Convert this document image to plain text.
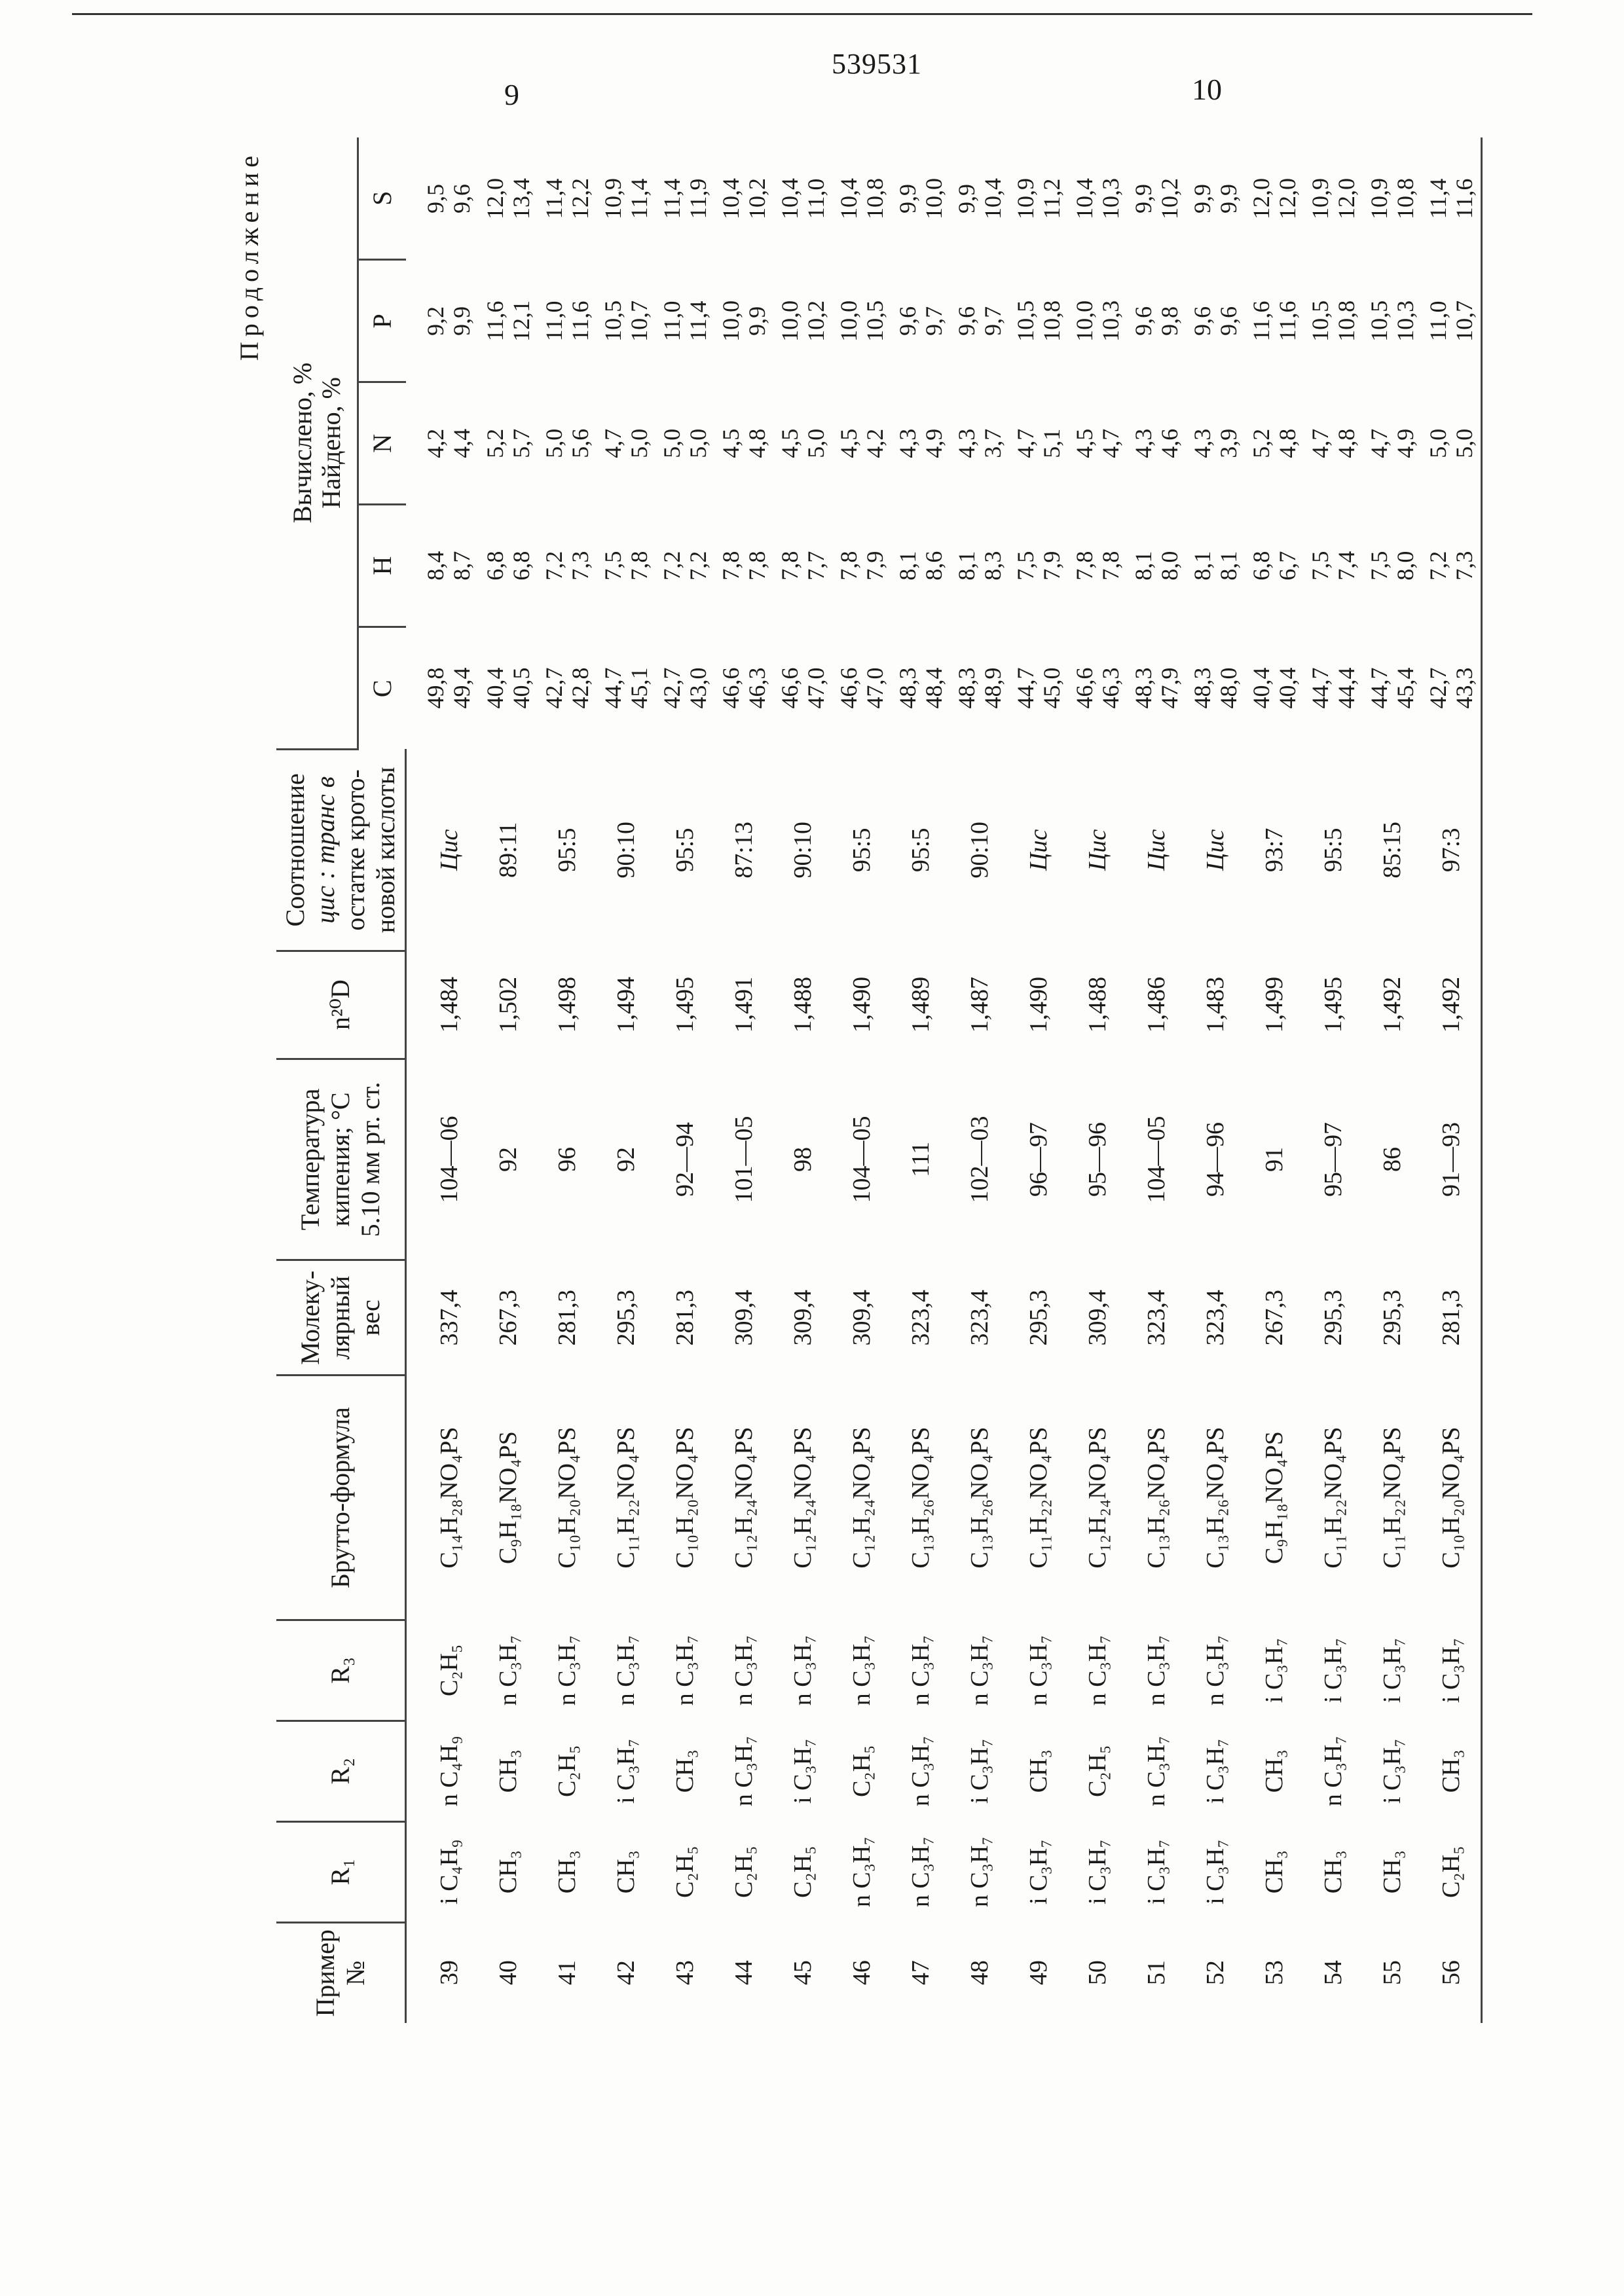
539531
9	10
Продолжение													
Пример №	R₁	R₂	R₃	Брутто-формула	Молеку-лярный вес	Температура кипения; °C 5.10 мм рт. ст.	n²⁰D	Соотношение цис : транс в остатке крото- новой кислоты	Вычислено, % Найдено, %				

									C	H	N	P	S
39	i C₄H₉	n C₄H₉	C₂H₅	C₁₄H₂₈NO₄PS	337,4	104—06	1,484	Цис	49,8 49,4	8,4 8,7	4,2 4,4	9,2 9,9	9,5 9,6

40	CH₃	CH₃	n C₃H₇	C₉H₁₈NO₄PS	267,3	92	1,502	89:11	40,4 40,5	6,8 6,8	5,2 5,7	11,6 12,1	12,0 13,4

41	CH₃	C₂H₅	n C₃H₇	C₁₀H₂₀NO₄PS	281,3	96	1,498	95:5	42,7 42,8	7,2 7,3	5,0 5,6	11,0 11,6	11,4 12,2

42	CH₃	i C₃H₇	n C₃H₇	C₁₁H₂₂NO₄PS	295,3	92	1,494	90:10	44,7 45,1	7,5 7,8	4,7 5,0	10,5 10,7	10,9 11,4

43	C₂H₅	CH₃	n C₃H₇	C₁₀H₂₀NO₄PS	281,3	92—94	1,495	95:5	42,7 43,0	7,2 7,2	5,0 5,0	11,0 11,4	11,4 11,9

44	C₂H₅	n C₃H₇	n C₃H₇	C₁₂H₂₄NO₄PS	309,4	101—05	1,491	87:13	46,6 46,3	7,8 7,8	4,5 4,8	10,0 9,9	10,4 10,2

45	C₂H₅	i C₃H₇	n C₃H₇	C₁₂H₂₄NO₄PS	309,4	98	1,488	90:10	46,6 47,0	7,8 7,7	4,5 5,0	10,0 10,2	10,4 11,0

46	n C₃H₇	C₂H₅	n C₃H₇	C₁₂H₂₄NO₄PS	309,4	104—05	1,490	95:5	46,6 47,0	7,8 7,9	4,5 4,2	10,0 10,5	10,4 10,8

47	n C₃H₇	n C₃H₇	n C₃H₇	C₁₃H₂₆NO₄PS	323,4	111	1,489	95:5	48,3 48,4	8,1 8,6	4,3 4,9	9,6 9,7	9,9 10,0

48	n C₃H₇	i C₃H₇	n C₃H₇	C₁₃H₂₆NO₄PS	323,4	102—03	1,487	90:10	48,3 48,9	8,1 8,3	4,3 3,7	9,6 9,7	9,9 10,4

49	i C₃H₇	CH₃	n C₃H₇	C₁₁H₂₂NO₄PS	295,3	96—97	1,490	Цис	44,7 45,0	7,5 7,9	4,7 5,1	10,5 10,8	10,9 11,2

50	i C₃H₇	C₂H₅	n C₃H₇	C₁₂H₂₄NO₄PS	309,4	95—96	1,488	Цис	46,6 46,3	7,8 7,8	4,5 4,7	10,0 10,3	10,4 10,3

51	i C₃H₇	n C₃H₇	n C₃H₇	C₁₃H₂₆NO₄PS	323,4	104—05	1,486	Цис	48,3 47,9	8,1 8,0	4,3 4,6	9,6 9,8	9,9 10,2

52	i C₃H₇	i C₃H₇	n C₃H₇	C₁₃H₂₆NO₄PS	323,4	94—96	1,483	Цис	48,3 48,0	8,1 8,1	4,3 3,9	9,6 9,6	9,9 9,9

53	CH₃	CH₃	i C₃H₇	C₉H₁₈NO₄PS	267,3	91	1,499	93:7	40,4 40,4	6,8 6,7	5,2 4,8	11,6 11,6	12,0 12,0

54	CH₃	n C₃H₇	i C₃H₇	C₁₁H₂₂NO₄PS	295,3	95—97	1,495	95:5	44,7 44,4	7,5 7,4	4,7 4,8	10,5 10,8	10,9 12,0

55	CH₃	i C₃H₇	i C₃H₇	C₁₁H₂₂NO₄PS	295,3	86	1,492	85:15	44,7 45,4	7,5 8,0	4,7 4,9	10,5 10,3	10,9 10,8

56	C₂H₅	CH₃	i C₃H₇	C₁₀H₂₀NO₄PS	281,3	91—93	1,492	97:3	42,7 43,3	7,2 7,3	5,0 5,0	11,0 10,7	11,4 11,6
